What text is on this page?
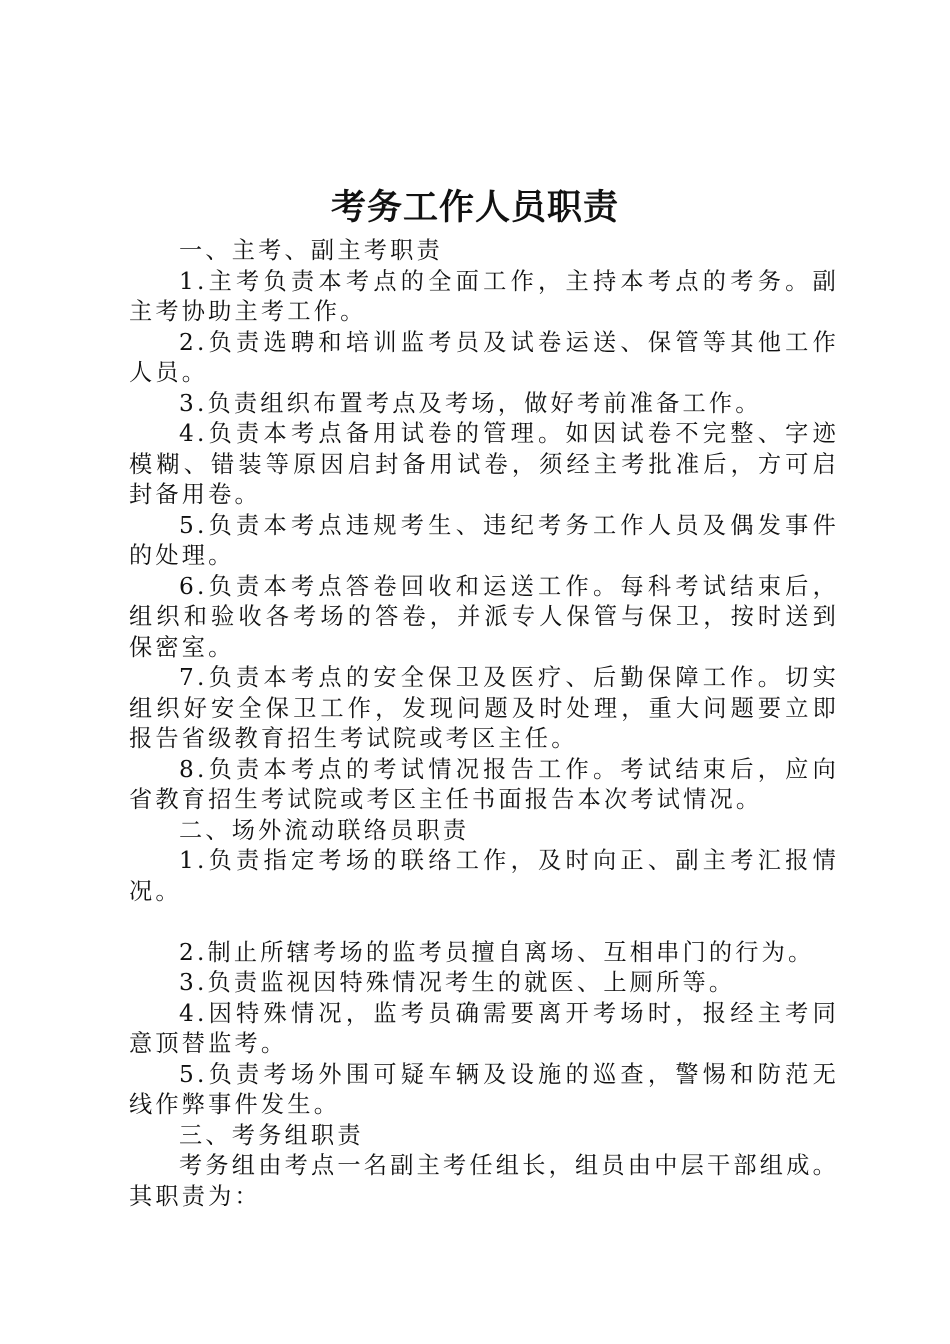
考务工作人员职责

一、主考、副主考职责

1.主考负责本考点的全面工作，主持本考点的考务。副主考协助主考工作。

2.负责选聘和培训监考员及试卷运送、保管等其他工作人员。

3.负责组织布置考点及考场，做好考前准备工作。

4.负责本考点备用试卷的管理。如因试卷不完整、字迹模糊、错装等原因启封备用试卷，须经主考批准后，方可启封备用卷。

5.负责本考点违规考生、违纪考务工作人员及偶发事件的处理。

6.负责本考点答卷回收和运送工作。每科考试结束后，组织和验收各考场的答卷，并派专人保管与保卫，按时送到保密室。

7.负责本考点的安全保卫及医疗、后勤保障工作。切实组织好安全保卫工作，发现问题及时处理，重大问题要立即报告省级教育招生考试院或考区主任。

8.负责本考点的考试情况报告工作。考试结束后，应向省教育招生考试院或考区主任书面报告本次考试情况。

二、场外流动联络员职责

1.负责指定考场的联络工作，及时向正、副主考汇报情况。

2.制止所辖考场的监考员擅自离场、互相串门的行为。

3.负责监视因特殊情况考生的就医、上厕所等。

4.因特殊情况，监考员确需要离开考场时，报经主考同意顶替监考。

5.负责考场外围可疑车辆及设施的巡查，警惕和防范无线作弊事件发生。

三、考务组职责

考务组由考点一名副主考任组长，组员由中层干部组成。其职责为：
